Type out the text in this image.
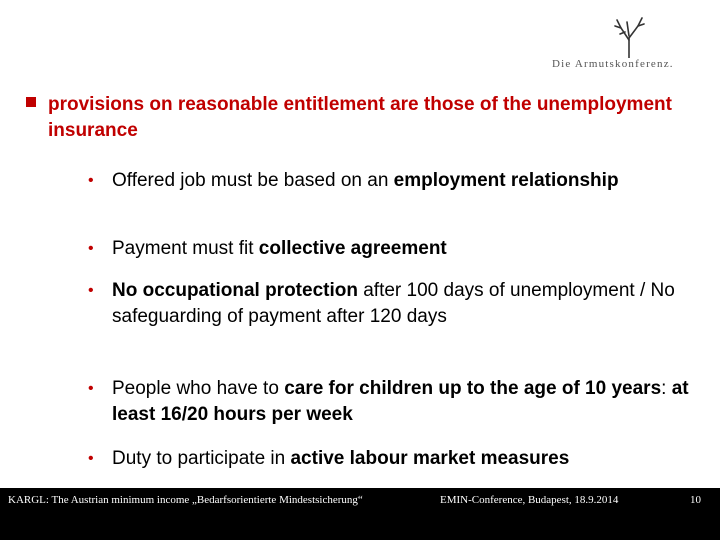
Die Armutskonferenz.
provisions on reasonable entitlement are those of the unemployment insurance
• Offered job must be based on an employment relationship
• Payment must fit collective agreement
• No occupational protection after 100 days of unemployment / No safeguarding of payment after 120 days
• People who have to care for children up to the age of 10 years: at least 16/20 hours per week
• Duty to participate in active labour market measures
KARGL: The Austrian minimum income „Bedarfsorientierte Mindestsicherung“	EMIN-Conference, Budapest, 18.9.2014	10
